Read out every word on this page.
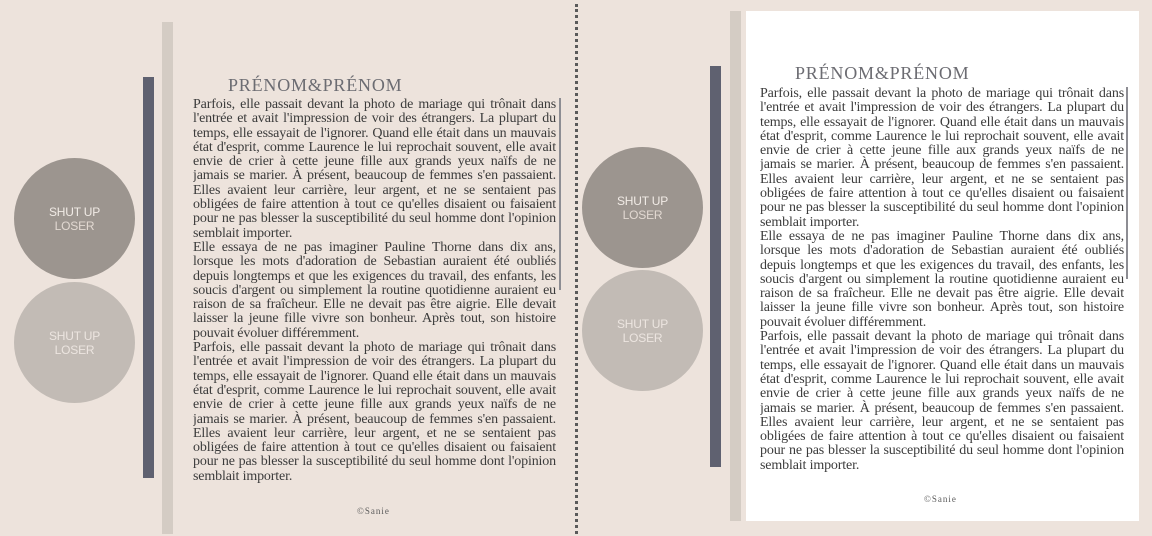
SHUT UP
LOSER
SHUT UP
LOSER
PRÉNOM&PRÉNOM

Parfois, elle passait devant la photo de mariage qui trônait dans l'entrée et avait l'impression de voir des étrangers. La plupart du temps, elle essayait de l'ignorer. Quand elle était dans un mauvais état d'esprit, comme Laurence le lui reprochait souvent, elle avait envie de crier à cette jeune fille aux grands yeux naïfs de ne jamais se marier. À présent, beaucoup de femmes s'en passaient. Elles avaient leur carrière, leur argent, et ne se sentaient pas obligées de faire attention à tout ce qu'elles disaient ou faisaient pour ne pas blesser la susceptibilité du seul homme dont l'opinion semblait importer.

Elle essaya de ne pas imaginer Pauline Thorne dans dix ans, lorsque les mots d'adoration de Sebastian auraient été oubliés depuis longtemps et que les exigences du travail, des enfants, les soucis d'argent ou simplement la routine quotidienne auraient eu raison de sa fraîcheur. Elle ne devait pas être aigrie. Elle devait laisser la jeune fille vivre son bonheur. Après tout, son histoire pouvait évoluer différemment.

Parfois, elle passait devant la photo de mariage qui trônait dans l'entrée et avait l'impression de voir des étrangers. La plupart du temps, elle essayait de l'ignorer. Quand elle était dans un mauvais état d'esprit, comme Laurence le lui reprochait souvent, elle avait envie de crier à cette jeune fille aux grands yeux naïfs de ne jamais se marier. À présent, beaucoup de femmes s'en passaient. Elles avaient leur carrière, leur argent, et ne se sentaient pas obligées de faire attention à tout ce qu'elles disaient ou faisaient pour ne pas blesser la susceptibilité du seul homme dont l'opinion semblait importer.

©Sanie
SHUT UP
LOSER
SHUT UP
LOSER
PRÉNOM&PRÉNOM

Parfois, elle passait devant la photo de mariage qui trônait dans l'entrée et avait l'impression de voir des étrangers. La plupart du temps, elle essayait de l'ignorer. Quand elle était dans un mauvais état d'esprit, comme Laurence le lui reprochait souvent, elle avait envie de crier à cette jeune fille aux grands yeux naïfs de ne jamais se marier. À présent, beaucoup de femmes s'en passaient. Elles avaient leur carrière, leur argent, et ne se sentaient pas obligées de faire attention à tout ce qu'elles disaient ou faisaient pour ne pas blesser la susceptibilité du seul homme dont l'opinion semblait importer.

Elle essaya de ne pas imaginer Pauline Thorne dans dix ans, lorsque les mots d'adoration de Sebastian auraient été oubliés depuis longtemps et que les exigences du travail, des enfants, les soucis d'argent ou simplement la routine quotidienne auraient eu raison de sa fraîcheur. Elle ne devait pas être aigrie. Elle devait laisser la jeune fille vivre son bonheur. Après tout, son histoire pouvait évoluer différemment.

Parfois, elle passait devant la photo de mariage qui trônait dans l'entrée et avait l'impression de voir des étrangers. La plupart du temps, elle essayait de l'ignorer. Quand elle était dans un mauvais état d'esprit, comme Laurence le lui reprochait souvent, elle avait envie de crier à cette jeune fille aux grands yeux naïfs de ne jamais se marier. À présent, beaucoup de femmes s'en passaient. Elles avaient leur carrière, leur argent, et ne se sentaient pas obligées de faire attention à tout ce qu'elles disaient ou faisaient pour ne pas blesser la susceptibilité du seul homme dont l'opinion semblait importer.

©Sanie
